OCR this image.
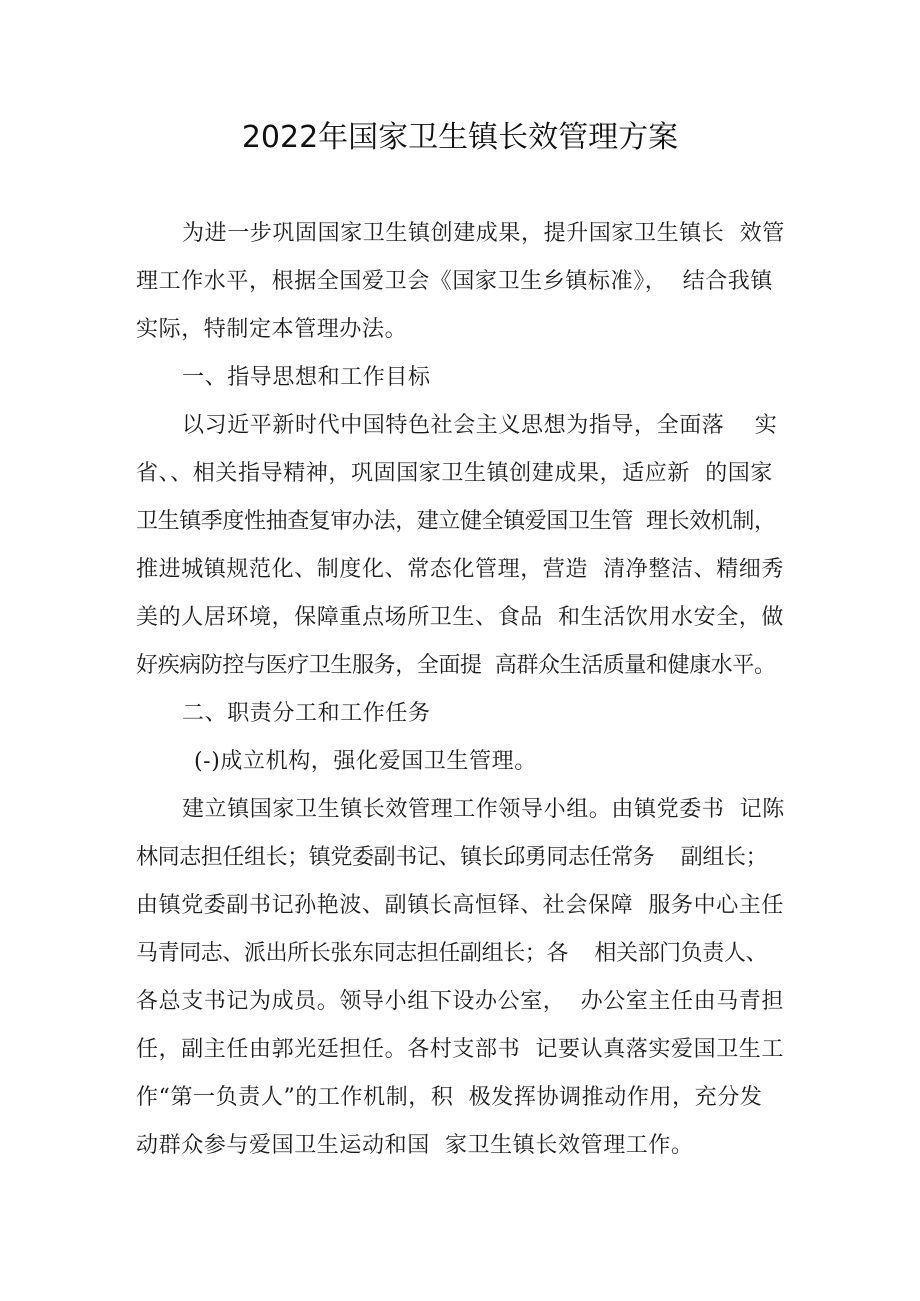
2022年国家卫生镇长效管理方案
为进一步巩固国家卫生镇创建成果，提升国家卫生镇长  效管
理工作水平，根据全国爱卫会《国家卫生乡镇标准》，  结合我镇
实际，特制定本管理办法。
一、指导思想和工作目标
以习近平新时代中国特色社会主义思想为指导，全面落    实
省、、相关指导精神，巩固国家卫生镇创建成果，适应新  的国家
卫生镇季度性抽查复审办法，建立健全镇爱国卫生管  理长效机制，
推进城镇规范化、制度化、常态化管理，营造  清净整洁、精细秀
美的人居环境，保障重点场所卫生、食品  和生活饮用水安全，做
好疾病防控与医疗卫生服务，全面提  高群众生活质量和健康水平。
二、职责分工和工作任务
(-)成立机构，强化爱国卫生管理。
建立镇国家卫生镇长效管理工作领导小组。由镇党委书  记陈
林同志担任组长；镇党委副书记、镇长邱勇同志任常务    副组长；
由镇党委副书记孙艳波、副镇长高恒铎、社会保障  服务中心主任
马青同志、派出所长张东同志担任副组长；各    相关部门负责人、
各总支书记为成员。领导小组下设办公室，  办公室主任由马青担
任，副主任由郭光廷担任。各村支部书  记要认真落实爱国卫生工
作“第一负责人”的工作机制，积  极发挥协调推动作用，充分发
动群众参与爱国卫生运动和国  家卫生镇长效管理工作。
